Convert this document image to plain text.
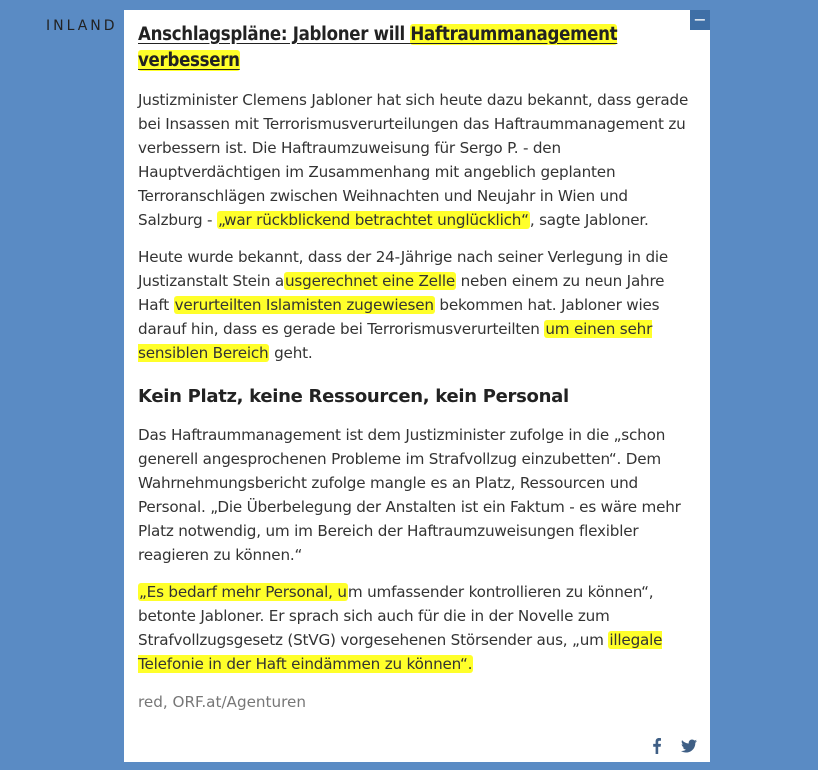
INLAND	−
Anschlagspläne: Jabloner will Haftraummanagement verbessern

Justizminister Clemens Jabloner hat sich heute dazu bekannt, dass gerade bei Insassen mit Terrorismusverurteilungen das Haftraummanagement zu verbessern ist. Die Haftraumzuweisung für Sergo P. - den Hauptverdächtigen im Zusammenhang mit angeblich geplanten Terroranschlägen zwischen Weihnachten und Neujahr in Wien und Salzburg - „war rückblickend betrachtet unglücklich“, sagte Jabloner.

Heute wurde bekannt, dass der 24-Jährige nach seiner Verlegung in die Justizanstalt Stein ausgerechnet eine Zelle neben einem zu neun Jahre Haft verurteilten Islamisten zugewiesen bekommen hat. Jabloner wies darauf hin, dass es gerade bei Terrorismusverurteilten um einen sehr sensiblen Bereich geht.

Kein Platz, keine Ressourcen, kein Personal

Das Haftraummanagement ist dem Justizminister zufolge in die „schon generell angesprochenen Probleme im Strafvollzug einzubetten“. Dem Wahrnehmungsbericht zufolge mangle es an Platz, Ressourcen und Personal. „Die Überbelegung der Anstalten ist ein Faktum - es wäre mehr Platz notwendig, um im Bereich der Haftraumzuweisungen flexibler reagieren zu können.“

„Es bedarf mehr Personal, um umfassender kontrollieren zu können“, betonte Jabloner. Er sprach sich auch für die in der Novelle zum Strafvollzugsgesetz (StVG) vorgesehenen Störsender aus, „um illegale Telefonie in der Haft eindämmen zu können“.

red, ORF.at/Agenturen
